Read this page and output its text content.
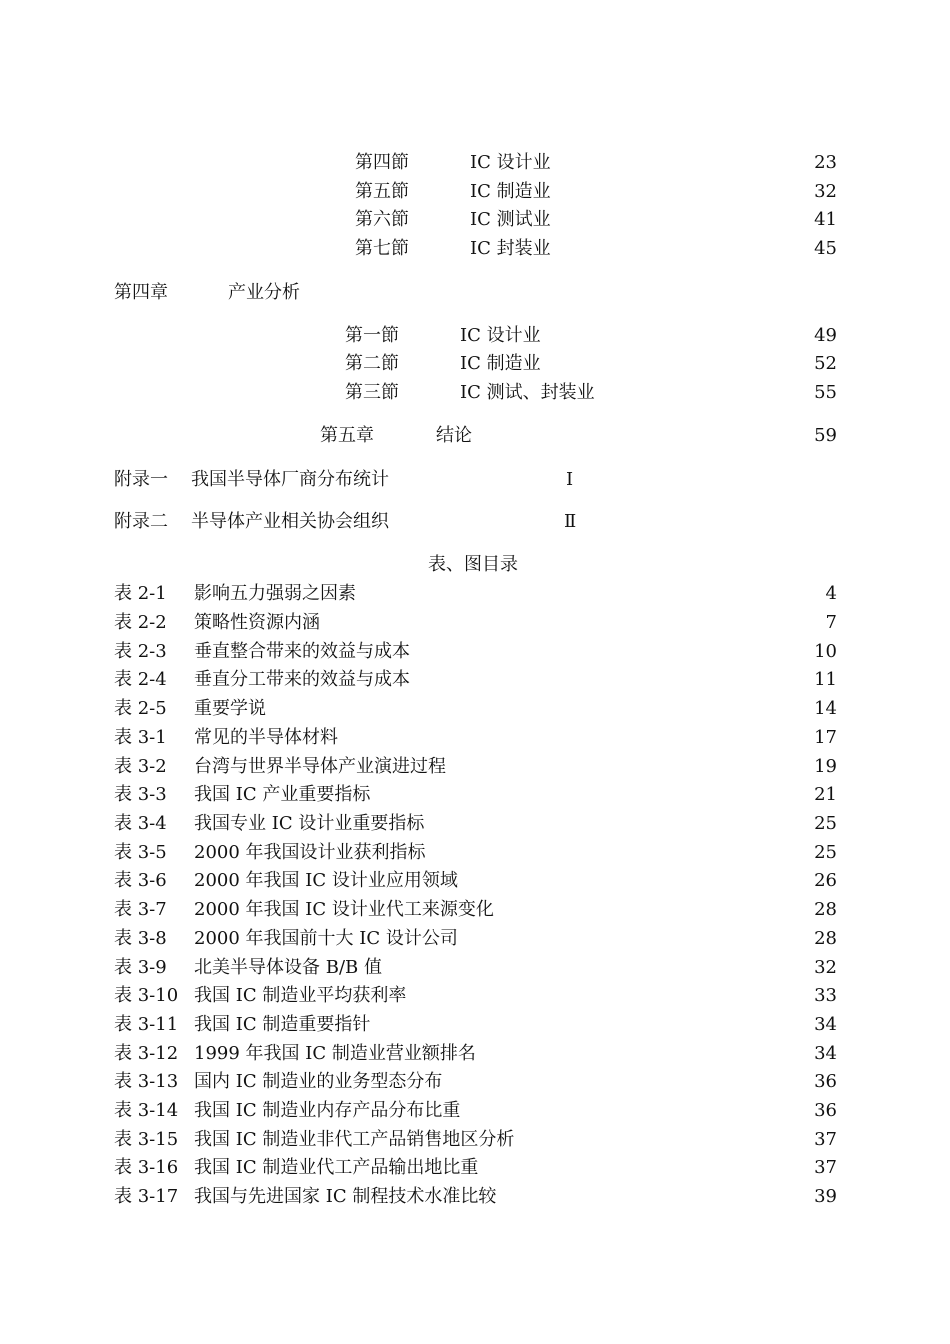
第四節	IC 设计业	23
第五節	IC 制造业	32
第六節	IC 测试业	41
第七節	IC 封装业	45
第四章	产业分析
第一節	IC 设计业	49
第二節	IC 制造业	52
第三節	IC 测试、封装业	55
第五章	结论	59
附录一 我国半导体厂商分布统计	Ⅰ
附录二 半导体产业相关协会组织	Ⅱ
表、图目录
表 2-1 影响五力强弱之因素	4
表 2-2 策略性资源内涵	7
表 2-3 垂直整合带来的效益与成本	10
表 2-4 垂直分工带来的效益与成本	11
表 2-5 重要学说	14
表 3-1 常见的半导体材料	17
表 3-2 台湾与世界半导体产业演进过程	19
表 3-3 我国 IC 产业重要指标	21
表 3-4 我国专业 IC 设计业重要指标	25
表 3-5 2000 年我国设计业获利指标	25
表 3-6 2000 年我国 IC 设计业应用领域	26
表 3-7 2000 年我国 IC 设计业代工来源变化	28
表 3-8 2000 年我国前十大 IC 设计公司	28
表 3-9 北美半导体设备 B/B 值	32
表 3-10 我国 IC 制造业平均获利率	33
表 3-11 我国 IC 制造重要指针	34
表 3-12 1999 年我国 IC 制造业营业额排名	34
表 3-13 国内 IC 制造业的业务型态分布	36
表 3-14 我国 IC 制造业内存产品分布比重	36
表 3-15 我国 IC 制造业非代工产品销售地区分析	37
表 3-16 我国 IC 制造业代工产品输出地比重	37
表 3-17 我国与先进国家 IC 制程技术水准比较	39
